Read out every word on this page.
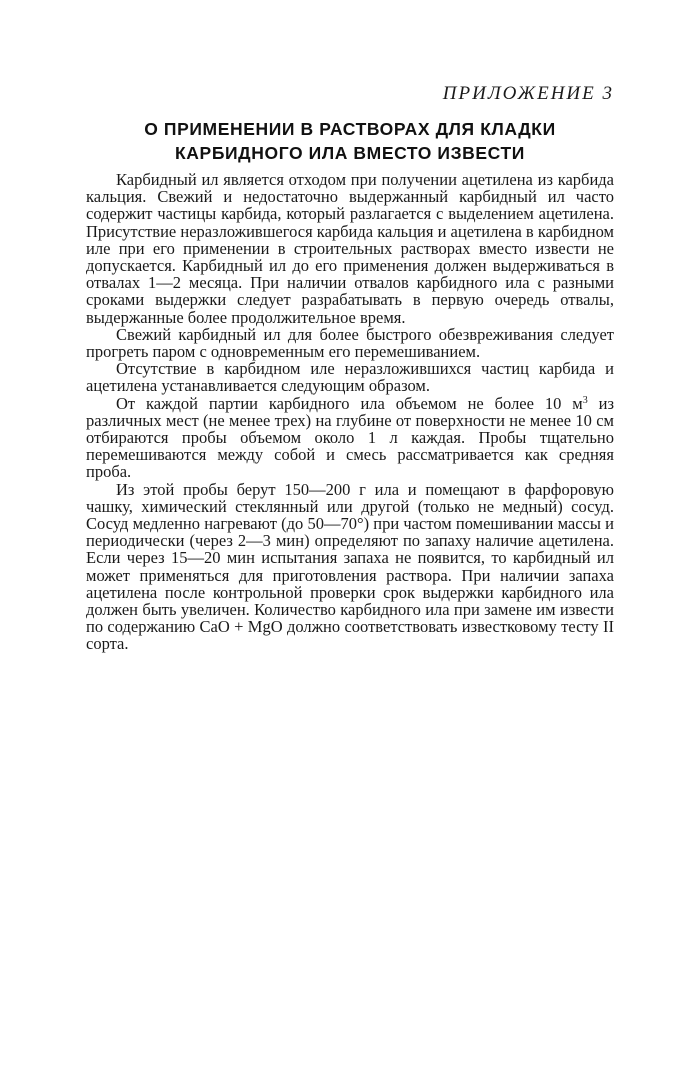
ПРИЛОЖЕНИЕ 3
О ПРИМЕНЕНИИ В РАСТВОРАХ ДЛЯ КЛАДКИ
КАРБИДНОГО ИЛА ВМЕСТО ИЗВЕСТИ

Карбидный ил является отходом при получении ацетилена из карбида кальция. Свежий и недостаточно выдержанный карбидный ил часто содержит частицы карбида, который разлагается с выделением ацетилена. Присутствие неразложившегося карбида кальция и ацетилена в карбидном иле при его применении в строительных растворах вместо извести не допускается. Карбидный ил до его применения должен выдерживаться в отвалах 1—2 месяца. При наличии отвалов карбидного ила с разными сроками выдержки следует разрабатывать в первую очередь отвалы, выдержанные более продолжительное время.

Свежий карбидный ил для более быстрого обезвреживания следует прогреть паром с одновременным его перемешиванием.

Отсутствие в карбидном иле неразложившихся частиц карбида и ацетилена устанавливается следующим образом.

От каждой партии карбидного ила объемом не более 10 $м^3$ из различных мест (не менее трех) на глубине от поверхности не менее 10 см отбираются пробы объемом около 1 л каждая. Пробы тщательно перемешиваются между собой и смесь рассматривается как средняя проба.

Из этой пробы берут 150—200 г ила и помещают в фарфоровую чашку, химический стеклянный или другой (только не медный) сосуд. Сосуд медленно нагревают (до 50—70°) при частом помешивании массы и периодически (через 2—3 мин) определяют по запаху наличие ацетилена. Если через 15—20 мин испытания запаха не появится, то карбидный ил может применяться для приготовления раствора. При наличии запаха ацетилена после контрольной проверки срок выдержки карбидного ила должен быть увеличен. Количество карбидного ила при замене им извести по содержанию CaO + MgO должно соответствовать известковому тесту II сорта.
